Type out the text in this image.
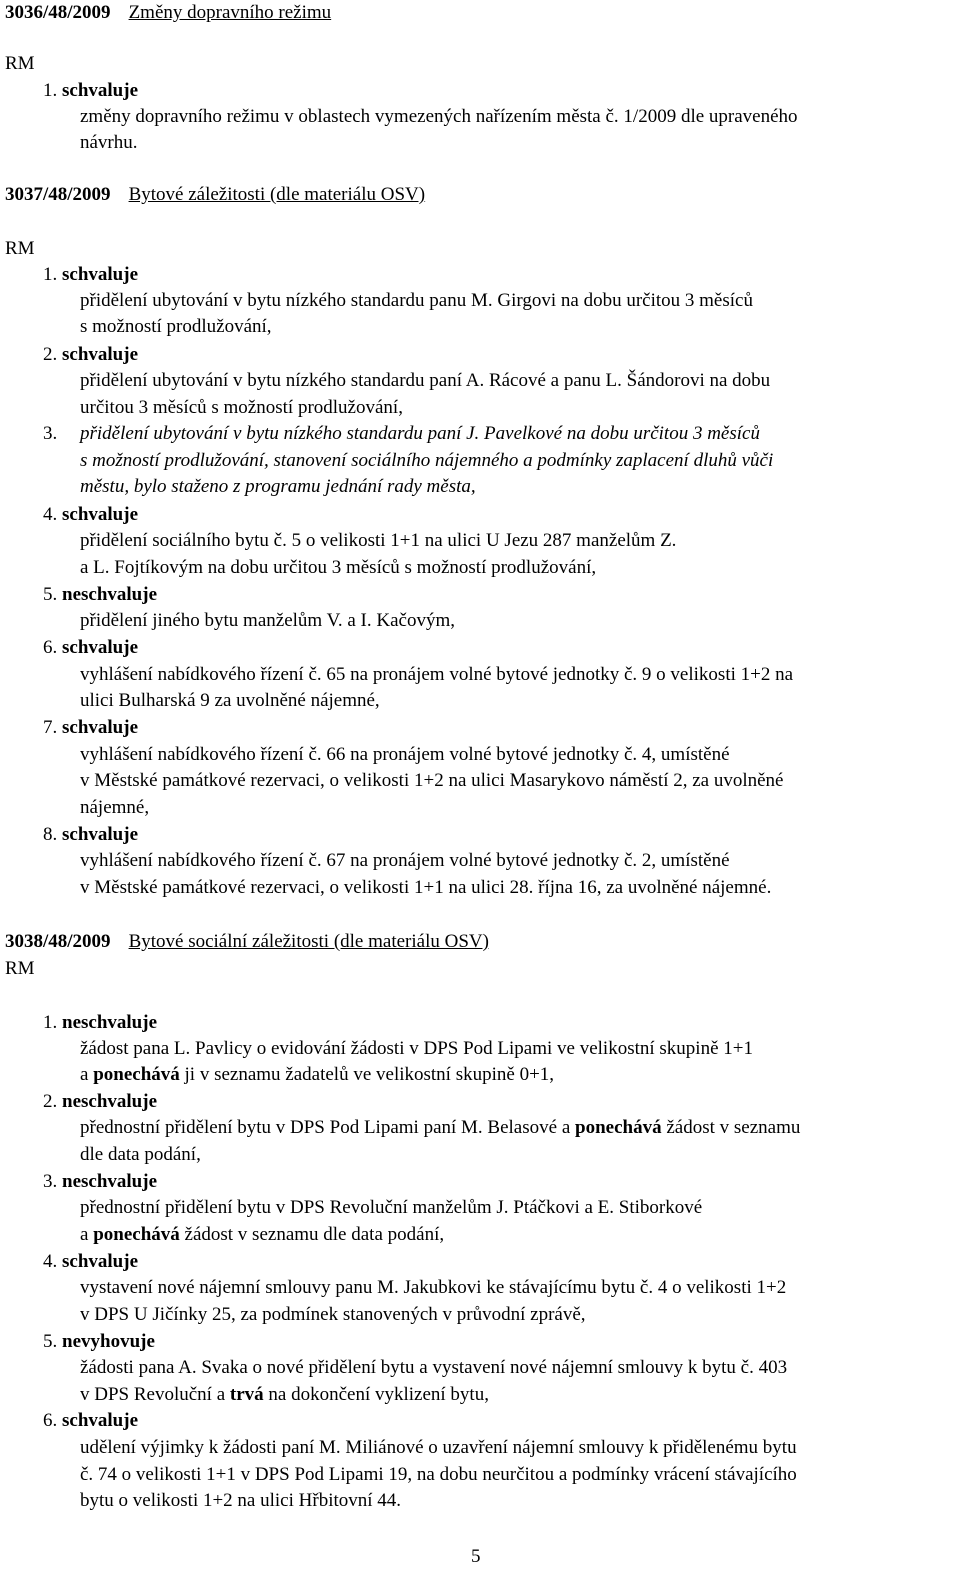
3036/48/2009 Změny dopravního režimu
RM
1. schvaluje
změny dopravního režimu v oblastech vymezených nařízením města č. 1/2009 dle upraveného
návrhu.
3037/48/2009 Bytové záležitosti (dle materiálu OSV)
RM
1. schvaluje
přidělení ubytování v bytu nízkého standardu panu M. Girgovi na dobu určitou 3 měsíců
s možností prodlužování,
2. schvaluje
přidělení ubytování v bytu nízkého standardu paní A. Rácové a panu L. Šándorovi na dobu
určitou 3 měsíců s možností prodlužování,
3. přidělení ubytování v bytu nízkého standardu paní J. Pavelkové na dobu určitou 3 měsíců
s možností prodlužování, stanovení sociálního nájemného a podmínky zaplacení dluhů vůči
městu, bylo staženo z programu jednání rady města,
4. schvaluje
přidělení sociálního bytu č. 5 o velikosti 1+1 na ulici U Jezu 287 manželům Z.
a L. Fojtíkovým na dobu určitou 3 měsíců s možností prodlužování,
5. neschvaluje
přidělení jiného bytu manželům V. a I. Kačovým,
6. schvaluje
vyhlášení nabídkového řízení č. 65 na pronájem volné bytové jednotky č. 9 o velikosti 1+2 na
ulici Bulharská 9 za uvolněné nájemné,
7. schvaluje
vyhlášení nabídkového řízení č. 66 na pronájem volné bytové jednotky č. 4, umístěné
v Městské památkové rezervaci, o velikosti 1+2 na ulici Masarykovo náměstí 2, za uvolněné
nájemné,
8. schvaluje
vyhlášení nabídkového řízení č. 67 na pronájem volné bytové jednotky č. 2, umístěné
v Městské památkové rezervaci, o velikosti 1+1 na ulici 28. října 16, za uvolněné nájemné.
3038/48/2009 Bytové sociální záležitosti (dle materiálu OSV)
RM
1. neschvaluje
žádost pana L. Pavlicy o evidování žádosti v DPS Pod Lipami ve velikostní skupině 1+1
a ponechává ji v seznamu žadatelů ve velikostní skupině 0+1,
2. neschvaluje
přednostní přidělení bytu v DPS Pod Lipami paní M. Belasové a ponechává žádost v seznamu
dle data podání,
3. neschvaluje
přednostní přidělení bytu v DPS Revoluční manželům J. Ptáčkovi a E. Stiborkové
a ponechává žádost v seznamu dle data podání,
4. schvaluje
vystavení nové nájemní smlouvy panu M. Jakubkovi ke stávajícímu bytu č. 4 o velikosti 1+2
v DPS U Jičínky 25, za podmínek stanovených v průvodní zprávě,
5. nevyhovuje
žádosti pana A. Svaka o nové přidělení bytu a vystavení nové nájemní smlouvy k bytu č. 403
v DPS Revoluční a trvá na dokončení vyklizení bytu,
6. schvaluje
udělení výjimky k žádosti paní M. Miliánové o uzavření nájemní smlouvy k přidělenému bytu
č. 74 o velikosti 1+1 v DPS Pod Lipami 19, na dobu neurčitou a podmínky vrácení stávajícího
bytu o velikosti 1+2 na ulici Hřbitovní 44.
5
